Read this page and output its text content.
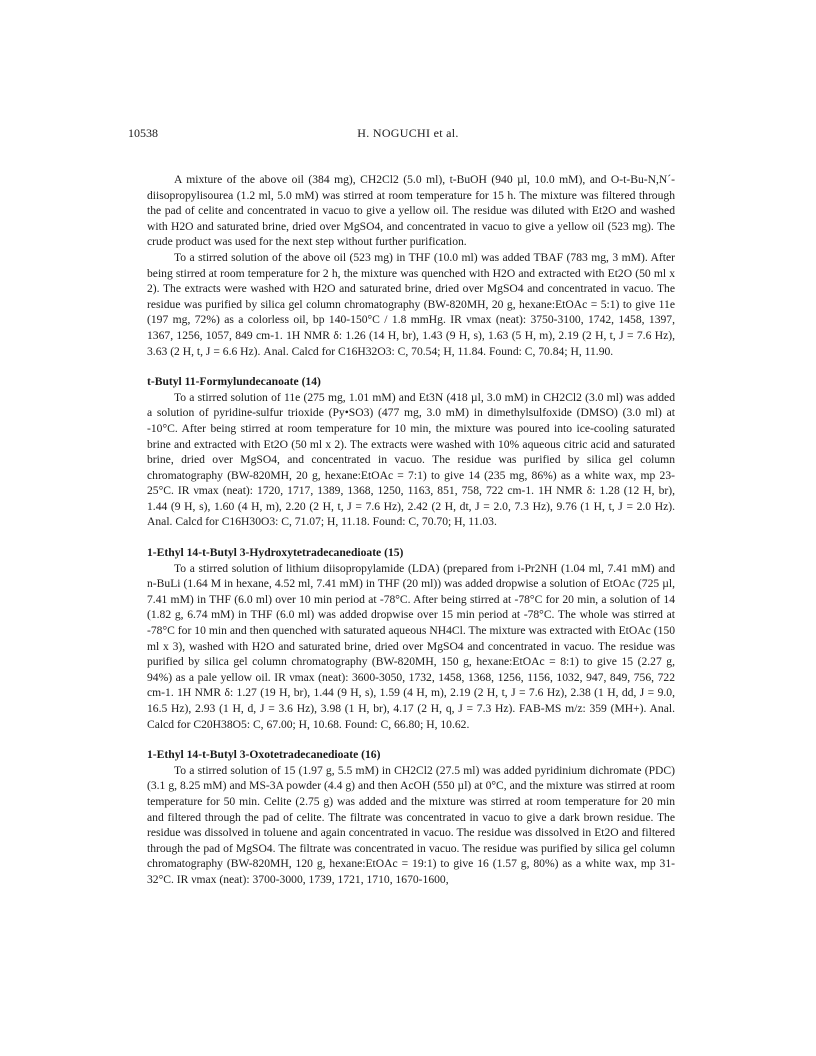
10538	H. NOGUCHI et al.

A mixture of the above oil (384 mg), CH2Cl2 (5.0 ml), t-BuOH (940 µl, 10.0 mM), and O-t-Bu-N,N´-diisopropylisourea (1.2 ml, 5.0 mM) was stirred at room temperature for 15 h. The mixture was filtered through the pad of celite and concentrated in vacuo to give a yellow oil. The residue was diluted with Et2O and washed with H2O and saturated brine, dried over MgSO4, and concentrated in vacuo to give a yellow oil (523 mg). The crude product was used for the next step without further purification.

To a stirred solution of the above oil (523 mg) in THF (10.0 ml) was added TBAF (783 mg, 3 mM). After being stirred at room temperature for 2 h, the mixture was quenched with H2O and extracted with Et2O (50 ml x 2). The extracts were washed with H2O and saturated brine, dried over MgSO4 and concentrated in vacuo. The residue was purified by silica gel column chromatography (BW-820MH, 20 g, hexane:EtOAc = 5:1) to give 11e (197 mg, 72%) as a colorless oil, bp 140-150°C / 1.8 mmHg. IR νmax (neat): 3750-3100, 1742, 1458, 1397, 1367, 1256, 1057, 849 cm-1. 1H NMR δ: 1.26 (14 H, br), 1.43 (9 H, s), 1.63 (5 H, m), 2.19 (2 H, t, J = 7.6 Hz), 3.63 (2 H, t, J = 6.6 Hz). Anal. Calcd for C16H32O3: C, 70.54; H, 11.84. Found: C, 70.84; H, 11.90.

t-Butyl 11-Formylundecanoate (14)

To a stirred solution of 11e (275 mg, 1.01 mM) and Et3N (418 µl, 3.0 mM) in CH2Cl2 (3.0 ml) was added a solution of pyridine-sulfur trioxide (Py•SO3) (477 mg, 3.0 mM) in dimethylsulfoxide (DMSO) (3.0 ml) at -10°C. After being stirred at room temperature for 10 min, the mixture was poured into ice-cooling saturated brine and extracted with Et2O (50 ml x 2). The extracts were washed with 10% aqueous citric acid and saturated brine, dried over MgSO4, and concentrated in vacuo. The residue was purified by silica gel column chromatography (BW-820MH, 20 g, hexane:EtOAc = 7:1) to give 14 (235 mg, 86%) as a white wax, mp 23-25°C. IR νmax (neat): 1720, 1717, 1389, 1368, 1250, 1163, 851, 758, 722 cm-1. 1H NMR δ: 1.28 (12 H, br), 1.44 (9 H, s), 1.60 (4 H, m), 2.20 (2 H, t, J = 7.6 Hz), 2.42 (2 H, dt, J = 2.0, 7.3 Hz), 9.76 (1 H, t, J = 2.0 Hz). Anal. Calcd for C16H30O3: C, 71.07; H, 11.18. Found: C, 70.70; H, 11.03.

1-Ethyl 14-t-Butyl 3-Hydroxytetradecanedioate (15)

To a stirred solution of lithium diisopropylamide (LDA) (prepared from i-Pr2NH (1.04 ml, 7.41 mM) and n-BuLi (1.64 M in hexane, 4.52 ml, 7.41 mM) in THF (20 ml)) was added dropwise a solution of EtOAc (725 µl, 7.41 mM) in THF (6.0 ml) over 10 min period at -78°C. After being stirred at -78°C for 20 min, a solution of 14 (1.82 g, 6.74 mM) in THF (6.0 ml) was added dropwise over 15 min period at -78°C. The whole was stirred at -78°C for 10 min and then quenched with saturated aqueous NH4Cl. The mixture was extracted with EtOAc (150 ml x 3), washed with H2O and saturated brine, dried over MgSO4 and concentrated in vacuo. The residue was purified by silica gel column chromatography (BW-820MH, 150 g, hexane:EtOAc = 8:1) to give 15 (2.27 g, 94%) as a pale yellow oil. IR νmax (neat): 3600-3050, 1732, 1458, 1368, 1256, 1156, 1032, 947, 849, 756, 722 cm-1. 1H NMR δ: 1.27 (19 H, br), 1.44 (9 H, s), 1.59 (4 H, m), 2.19 (2 H, t, J = 7.6 Hz), 2.38 (1 H, dd, J = 9.0, 16.5 Hz), 2.93 (1 H, d, J = 3.6 Hz), 3.98 (1 H, br), 4.17 (2 H, q, J = 7.3 Hz). FAB-MS m/z: 359 (MH+). Anal. Calcd for C20H38O5: C, 67.00; H, 10.68. Found: C, 66.80; H, 10.62.

1-Ethyl 14-t-Butyl 3-Oxotetradecanedioate (16)

To a stirred solution of 15 (1.97 g, 5.5 mM) in CH2Cl2 (27.5 ml) was added pyridinium dichromate (PDC) (3.1 g, 8.25 mM) and MS-3A powder (4.4 g) and then AcOH (550 µl) at 0°C, and the mixture was stirred at room temperature for 50 min. Celite (2.75 g) was added and the mixture was stirred at room temperature for 20 min and filtered through the pad of celite. The filtrate was concentrated in vacuo to give a dark brown residue. The residue was dissolved in toluene and again concentrated in vacuo. The residue was dissolved in Et2O and filtered through the pad of MgSO4. The filtrate was concentrated in vacuo. The residue was purified by silica gel column chromatography (BW-820MH, 120 g, hexane:EtOAc = 19:1) to give 16 (1.57 g, 80%) as a white wax, mp 31-32°C. IR νmax (neat): 3700-3000, 1739, 1721, 1710, 1670-1600,
